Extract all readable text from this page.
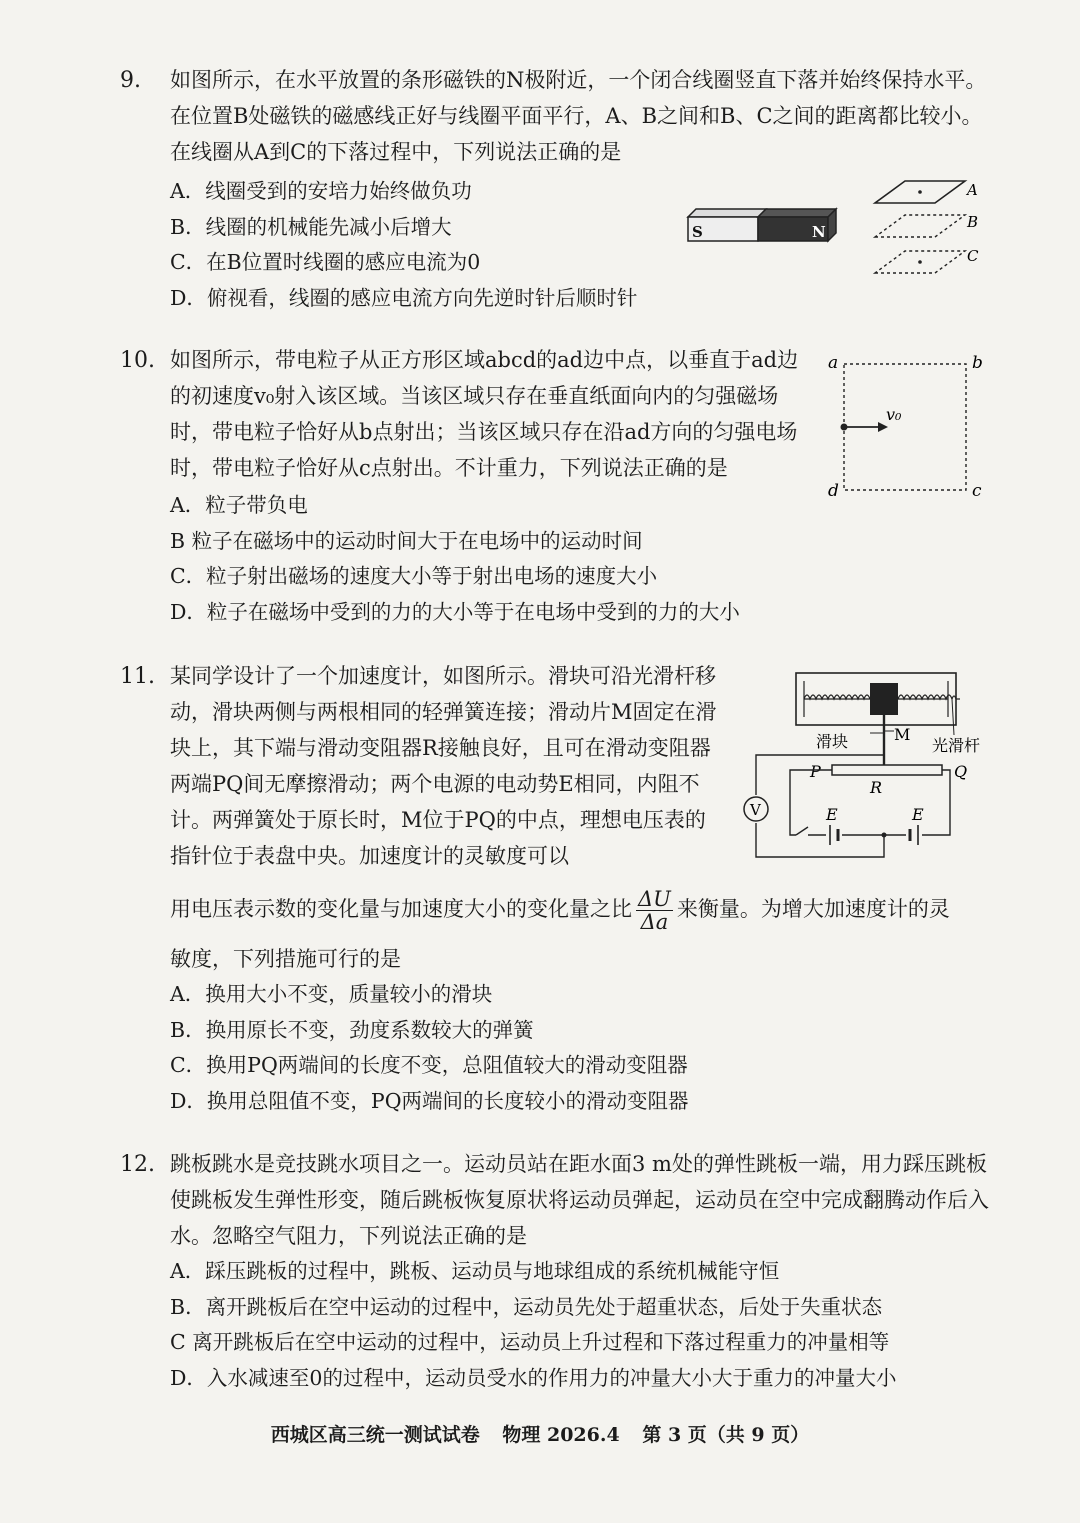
9. 如图所示，在水平放置的条形磁铁的N极附近，一个闭合线圈竖直下落并始终保持水平。在位置B处磁铁的磁感线正好与线圈平面平行，A、B之间和B、C之间的距离都比较小。在线圈从A到C的下落过程中，下列说法正确的是
A．线圈受到的安培力始终做负功
B．线圈的机械能先减小后增大
C．在B位置时线圈的感应电流为0
D．俯视看，线圈的感应电流方向先逆时针后顺时针
S	N
A
B
C
10. 如图所示，带电粒子从正方形区域abcd的ad边中点，以垂直于ad边的初速度v₀射入该区域。当该区域只存在垂直纸面向内的匀强磁场时，带电粒子恰好从b点射出；当该区域只存在沿ad方向的匀强电场时，带电粒子恰好从c点射出。不计重力，下列说法正确的是
A．粒子带负电
B 粒子在磁场中的运动时间大于在电场中的运动时间
C．粒子射出磁场的速度大小等于射出电场的速度大小
D．粒子在磁场中受到的力的大小等于在电场中受到的力的大小
a	b
d	c
v₀
11. 某同学设计了一个加速度计，如图所示。滑块可沿光滑杆移动，滑块两侧与两根相同的轻弹簧连接；滑动片M固定在滑块上，其下端与滑动变阻器R接触良好，且可在滑动变阻器两端PQ间无摩擦滑动；两个电源的电动势E相同，内阻不计。两弹簧处于原长时，M位于PQ的中点，理想电压表的指针位于表盘中央。加速度计的灵敏度可以
用电压表示数的变化量与加速度大小的变化量之比 $\frac{\Delta U}{\Delta a}$ 来衡量。为增大加速度计的灵
敏度，下列措施可行的是
A．换用大小不变，质量较小的滑块
B．换用原长不变，劲度系数较大的弹簧
C．换用PQ两端间的长度不变，总阻值较大的滑动变阻器
D．换用总阻值不变，PQ两端间的长度较小的滑动变阻器
滑块	M
光滑杆
P
R
Q
V	E	E
12. 跳板跳水是竞技跳水项目之一。运动员站在距水面3 m处的弹性跳板一端，用力踩压跳板使跳板发生弹性形变，随后跳板恢复原状将运动员弹起，运动员在空中完成翻腾动作后入水。忽略空气阻力，下列说法正确的是
A．踩压跳板的过程中，跳板、运动员与地球组成的系统机械能守恒
B．离开跳板后在空中运动的过程中，运动员先处于超重状态，后处于失重状态
C 离开跳板后在空中运动的过程中，运动员上升过程和下落过程重力的冲量相等
D．入水减速至0的过程中，运动员受水的作用力的冲量大小大于重力的冲量大小
西城区高三统一测试试卷 物理 2026.4 第 3 页（共 9 页）
